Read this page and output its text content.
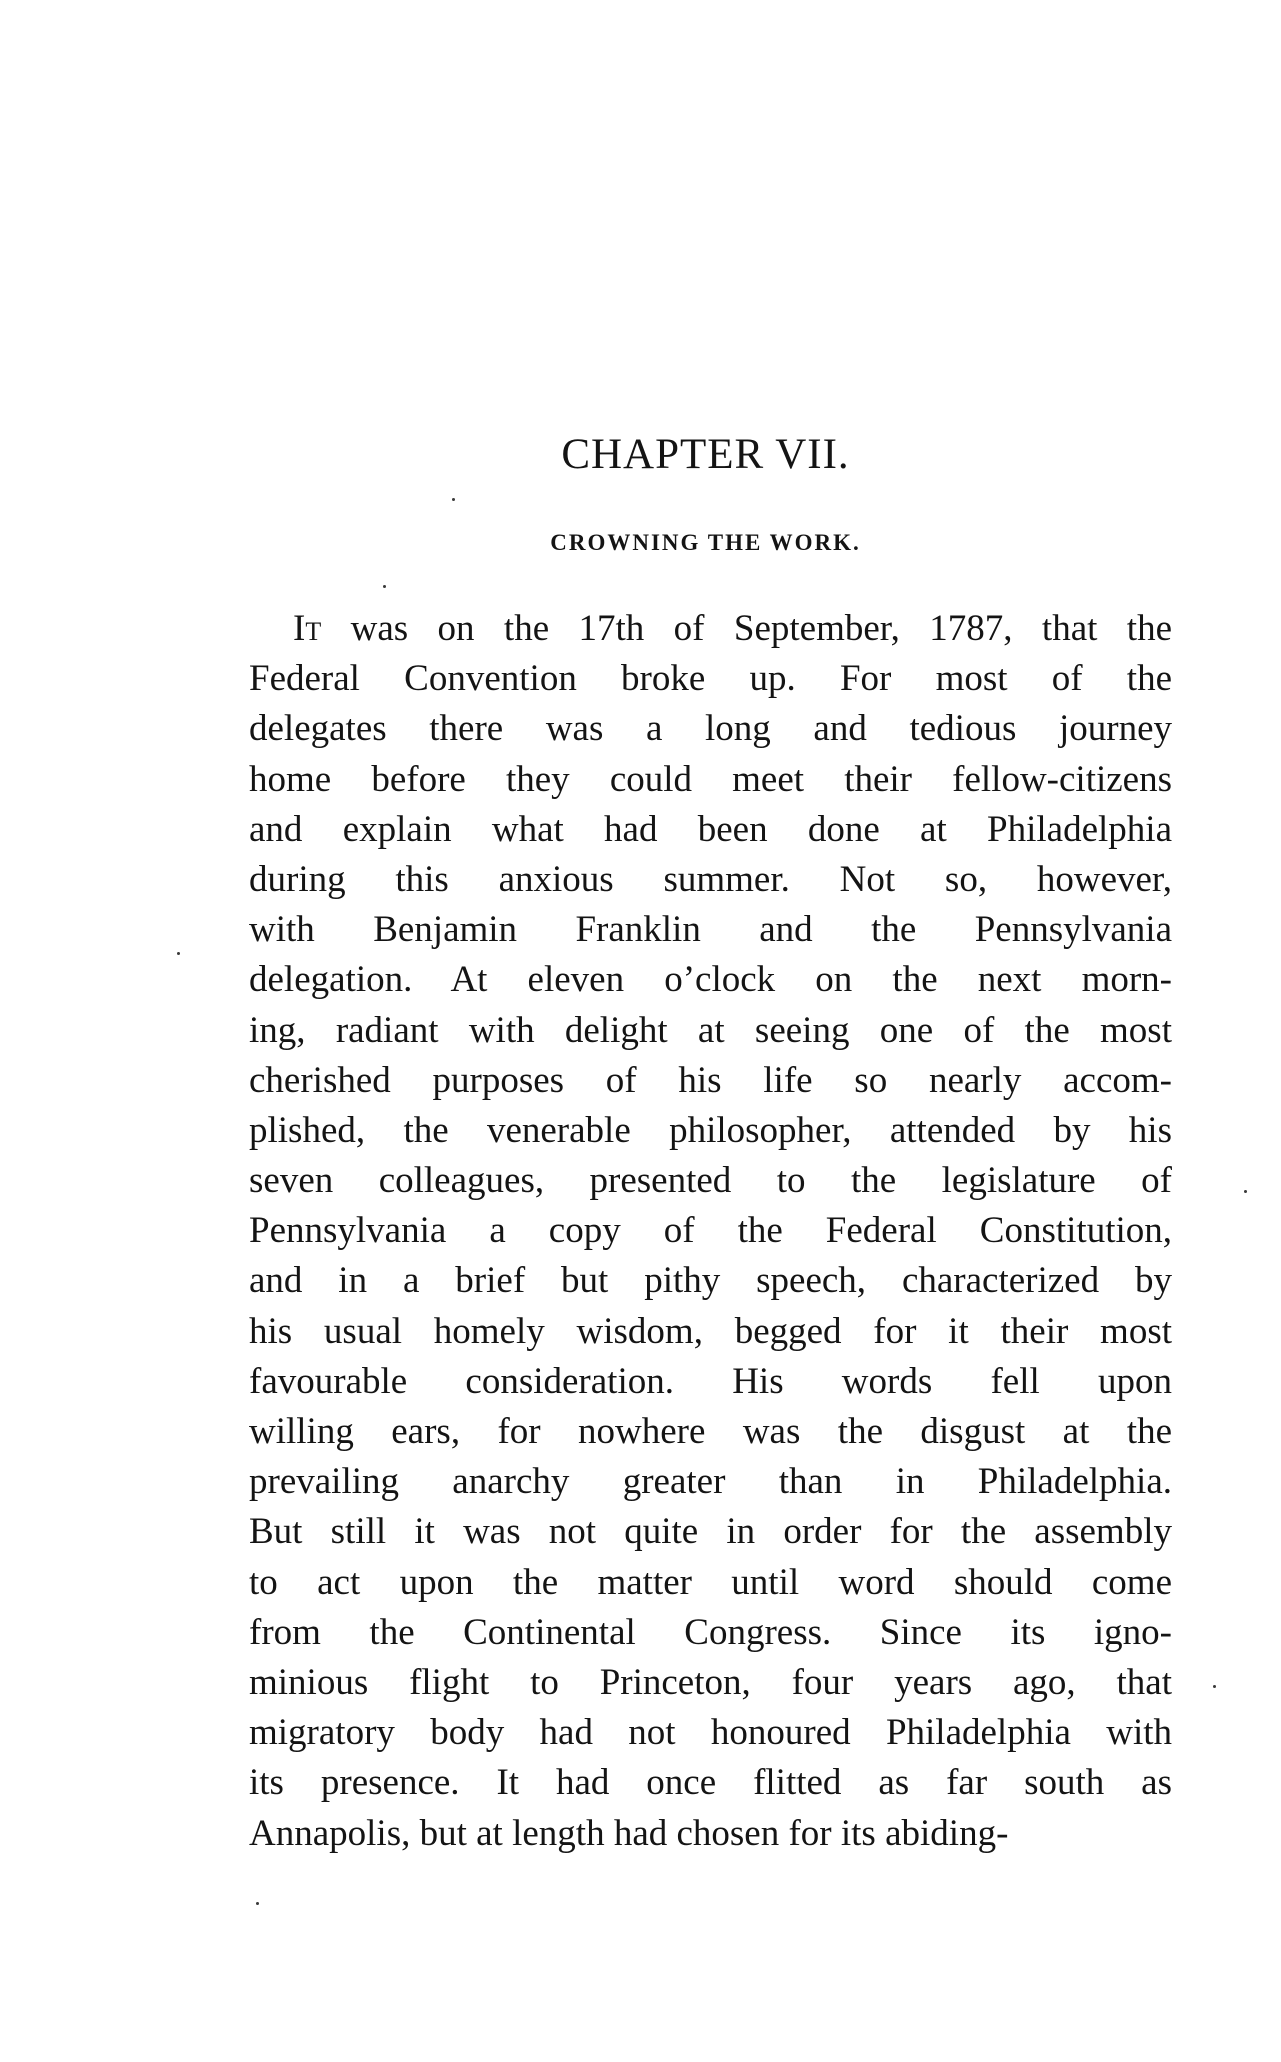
CHAPTER VII.
CROWNING THE WORK.
It was on the 17th of September, 1787, that the
Federal Convention broke up. For most of the
delegates there was a long and tedious journey
home before they could meet their fellow-citizens
and explain what had been done at Philadelphia
during this anxious summer. Not so, however,
with Benjamin Franklin and the Pennsylvania
delegation. At eleven o’clock on the next morn-
ing, radiant with delight at seeing one of the most
cherished purposes of his life so nearly accom-
plished, the venerable philosopher, attended by his
seven colleagues, presented to the legislature of
Pennsylvania a copy of the Federal Constitution,
and in a brief but pithy speech, characterized by
his usual homely wisdom, begged for it their most
favourable consideration. His words fell upon
willing ears, for nowhere was the disgust at the
prevailing anarchy greater than in Philadelphia.
But still it was not quite in order for the assembly
to act upon the matter until word should come
from the Continental Congress. Since its igno-
minious flight to Princeton, four years ago, that
migratory body had not honoured Philadelphia with
its presence. It had once flitted as far south as
Annapolis, but at length had chosen for its abiding-
